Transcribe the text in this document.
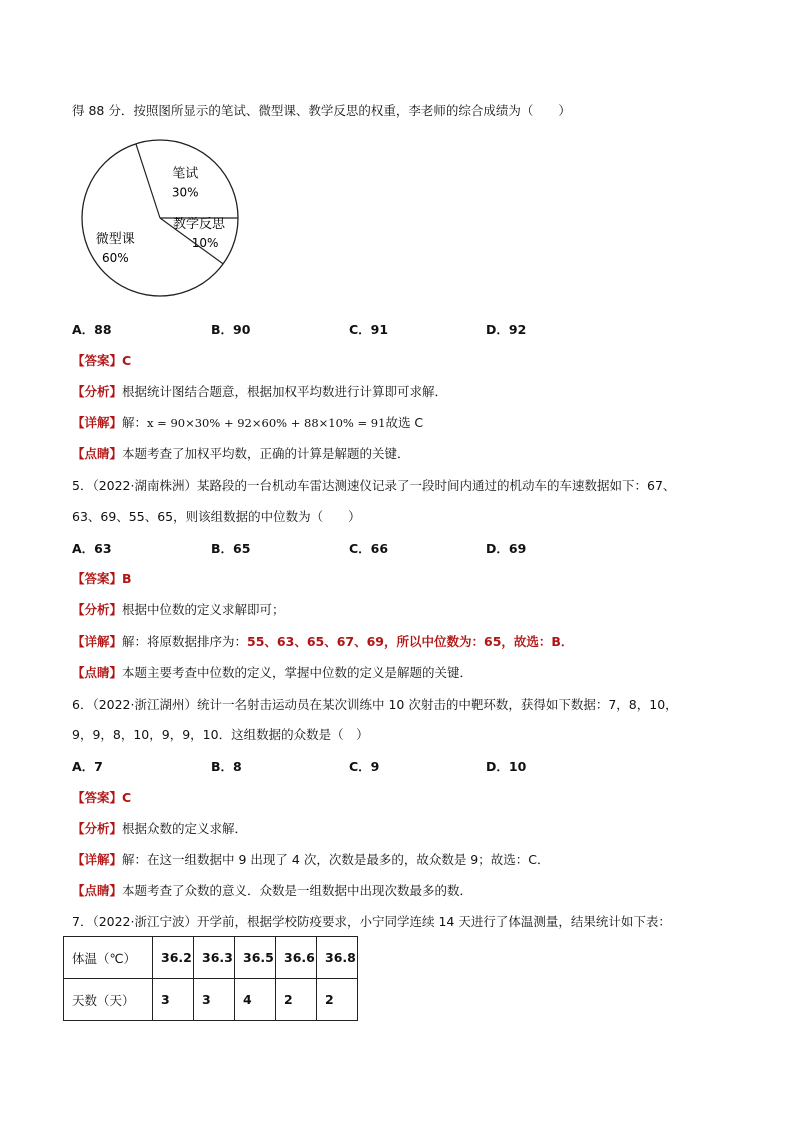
得 88 分．按照图所显示的笔试、微型课、教学反思的权重，李老师的综合成绩为（　　）
笔试
30%
教学反思
10%
微型课
60%
A．88	B．90	C．91	D．92
【答案】C
【分析】根据统计图结合题意，根据加权平均数进行计算即可求解．
【详解】解：x = 90×30% + 92×60% + 88×10% = 91故选 C
【点睛】本题考查了加权平均数，正确的计算是解题的关键．
5．（2022·湖南株洲）某路段的一台机动车雷达测速仪记录了一段时间内通过的机动车的车速数据如下：67、
63、69、55、65，则该组数据的中位数为（　　）
A．63	B．65	C．66	D．69
【答案】B
【分析】根据中位数的定义求解即可；
【详解】解：将原数据排序为：55、63、65、67、69，所以中位数为：65，故选：B．
【点睛】本题主要考查中位数的定义，掌握中位数的定义是解题的关键．
6．（2022·浙江湖州）统计一名射击运动员在某次训练中 10 次射击的中靶环数，获得如下数据：7，8，10，
9，9，8，10，9，9，10．这组数据的众数是（　）
A．7	B．8	C．9	D．10
【答案】C
【分析】根据众数的定义求解．
【详解】解：在这一组数据中 9 出现了 4 次，次数是最多的，故众数是 9；故选：C．
【点睛】本题考查了众数的意义．众数是一组数据中出现次数最多的数．
7．（2022·浙江宁波）开学前，根据学校防疫要求，小宁同学连续 14 天进行了体温测量，结果统计如下表：
体温（℃）	36.2	36.3	36.5	36.6	36.8
天数（天）	3	3	4	2	2
